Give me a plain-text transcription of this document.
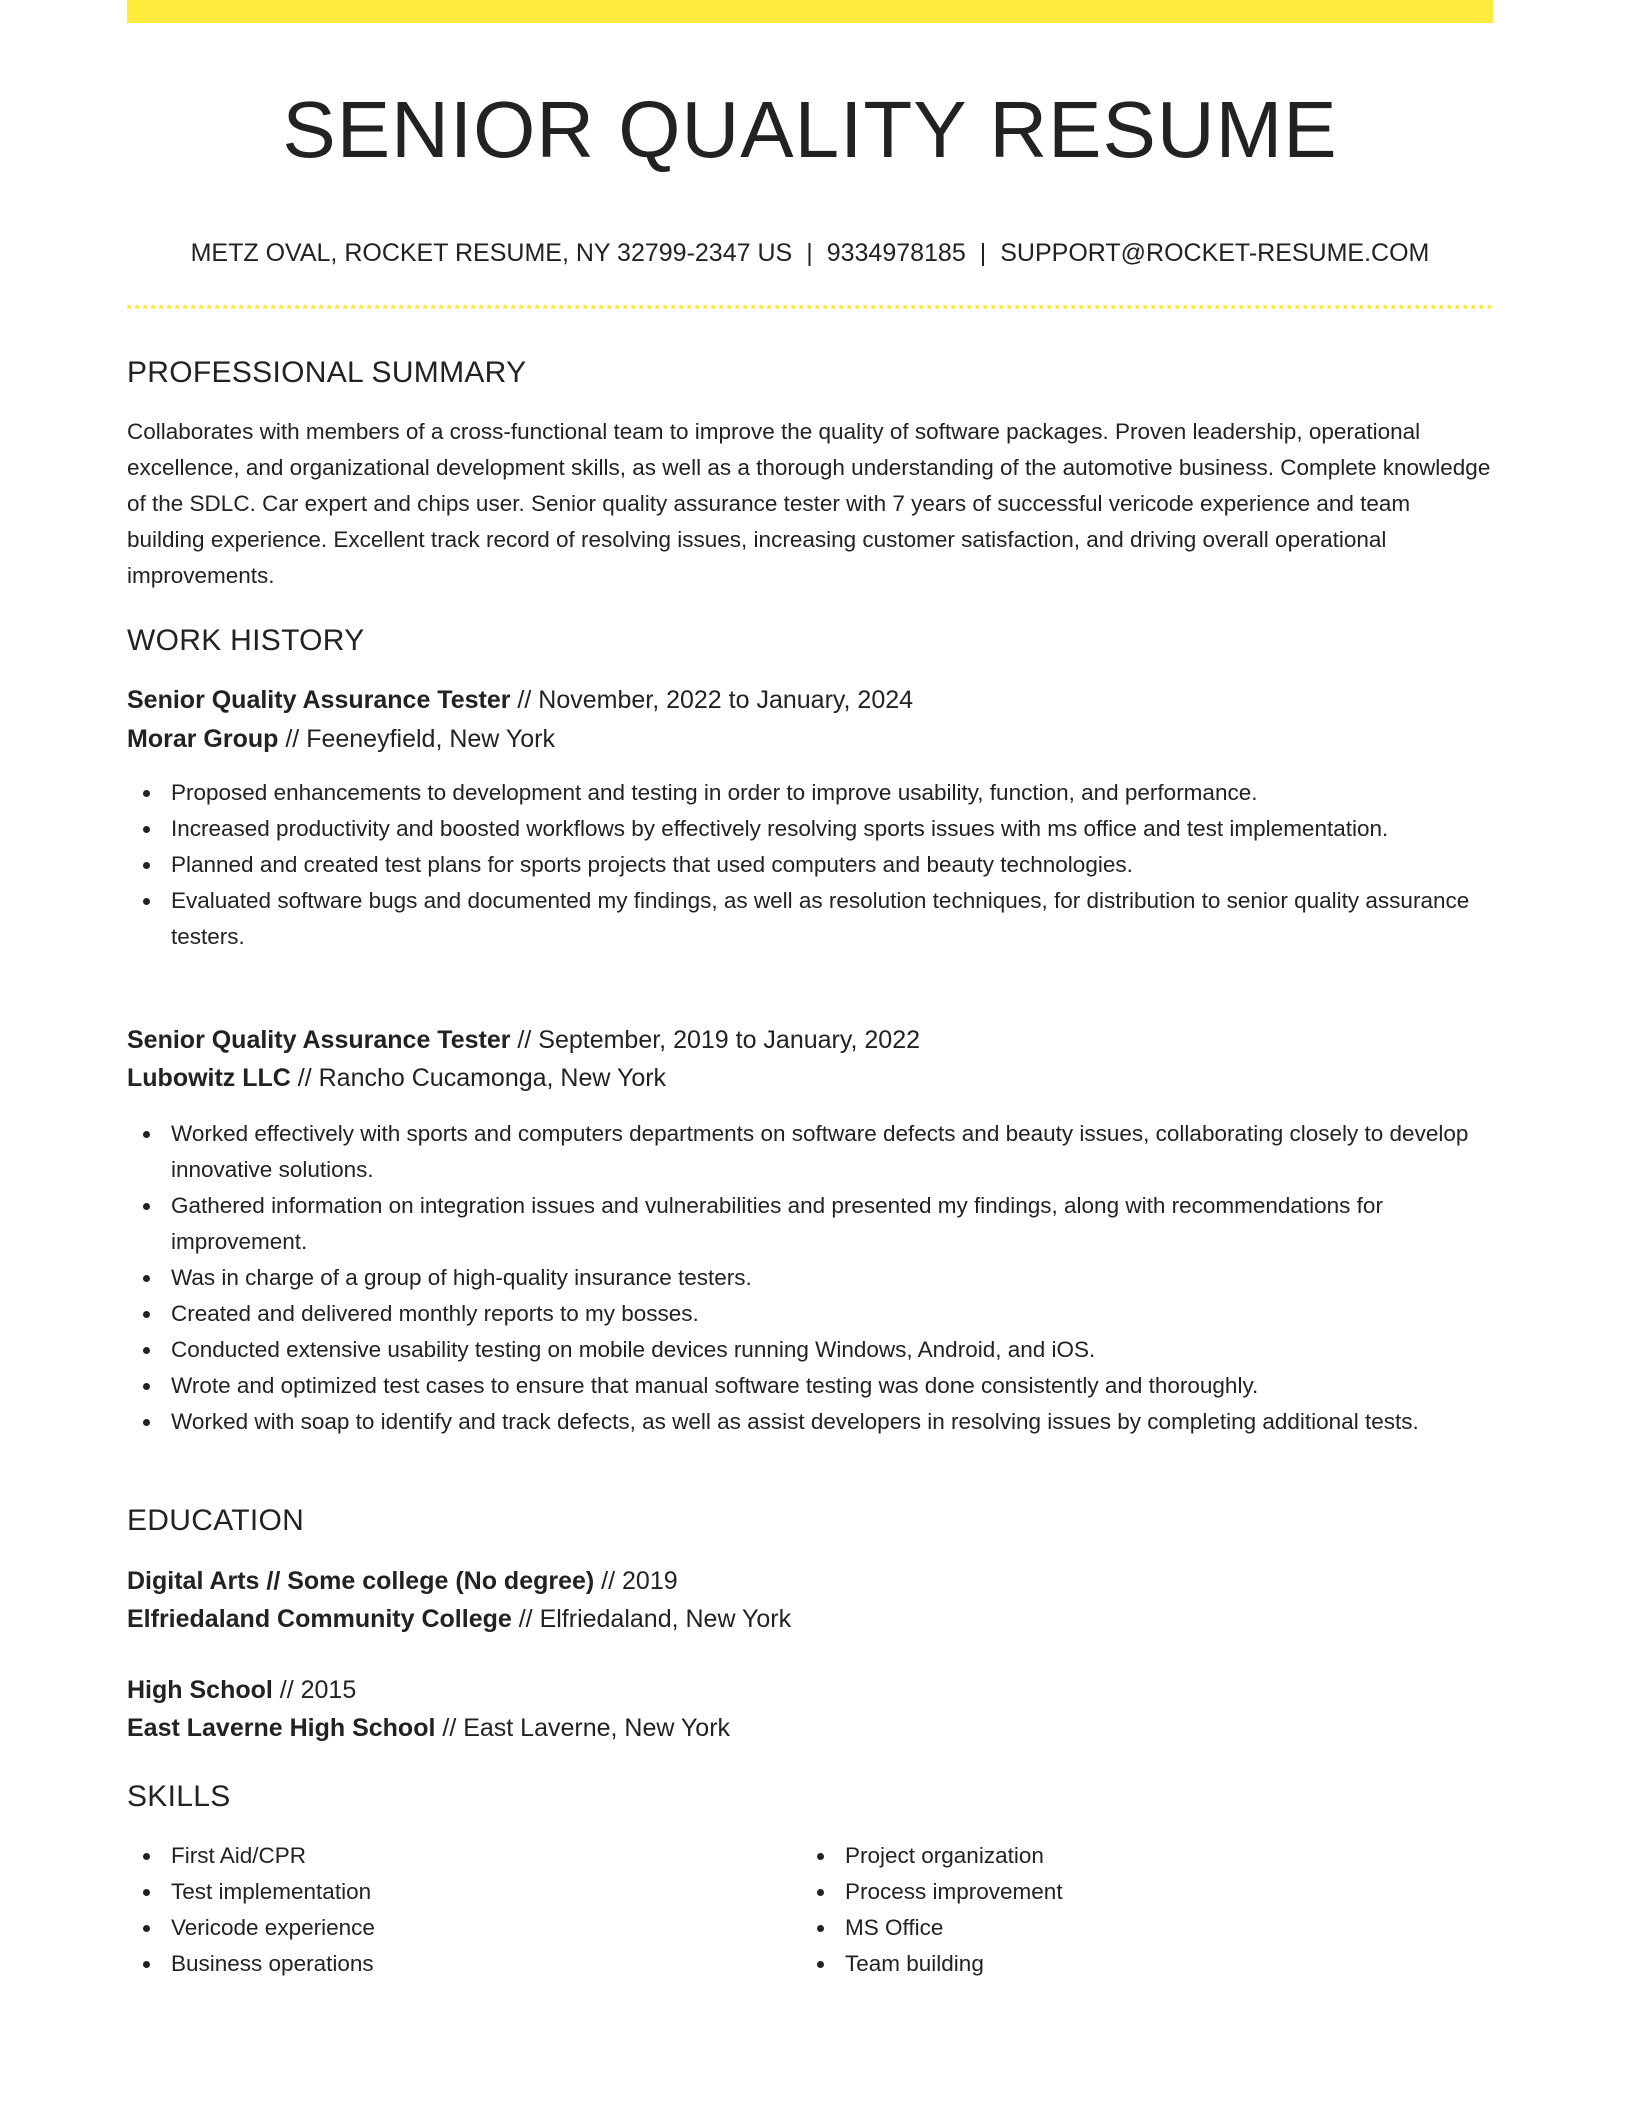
SENIOR QUALITY RESUME
METZ OVAL, ROCKET RESUME, NY 32799-2347 US | 9334978185 | SUPPORT@ROCKET-RESUME.COM
PROFESSIONAL SUMMARY

Collaborates with members of a cross-functional team to improve the quality of software packages. Proven leadership, operational excellence, and organizational development skills, as well as a thorough understanding of the automotive business. Complete knowledge of the SDLC. Car expert and chips user. Senior quality assurance tester with 7 years of successful vericode experience and team building experience. Excellent track record of resolving issues, increasing customer satisfaction, and driving overall operational improvements.

WORK HISTORY
Senior Quality Assurance Tester // November, 2022 to January, 2024
Morar Group // Feeneyfield, New York
Proposed enhancements to development and testing in order to improve usability, function, and performance.
Increased productivity and boosted workflows by effectively resolving sports issues with ms office and test implementation.
Planned and created test plans for sports projects that used computers and beauty technologies.
Evaluated software bugs and documented my findings, as well as resolution techniques, for distribution to senior quality assurance testers.
Senior Quality Assurance Tester // September, 2019 to January, 2022
Lubowitz LLC // Rancho Cucamonga, New York
Worked effectively with sports and computers departments on software defects and beauty issues, collaborating closely to develop innovative solutions.
Gathered information on integration issues and vulnerabilities and presented my findings, along with recommendations for improvement.
Was in charge of a group of high-quality insurance testers.
Created and delivered monthly reports to my bosses.
Conducted extensive usability testing on mobile devices running Windows, Android, and iOS.
Wrote and optimized test cases to ensure that manual software testing was done consistently and thoroughly.
Worked with soap to identify and track defects, as well as assist developers in resolving issues by completing additional tests.
EDUCATION
Digital Arts // Some college (No degree) // 2019
Elfriedaland Community College // Elfriedaland, New York
High School // 2015
East Laverne High School // East Laverne, New York
SKILLS
First Aid/CPR
Test implementation
Vericode experience
Business operations
Project organization
Process improvement
MS Office
Team building
